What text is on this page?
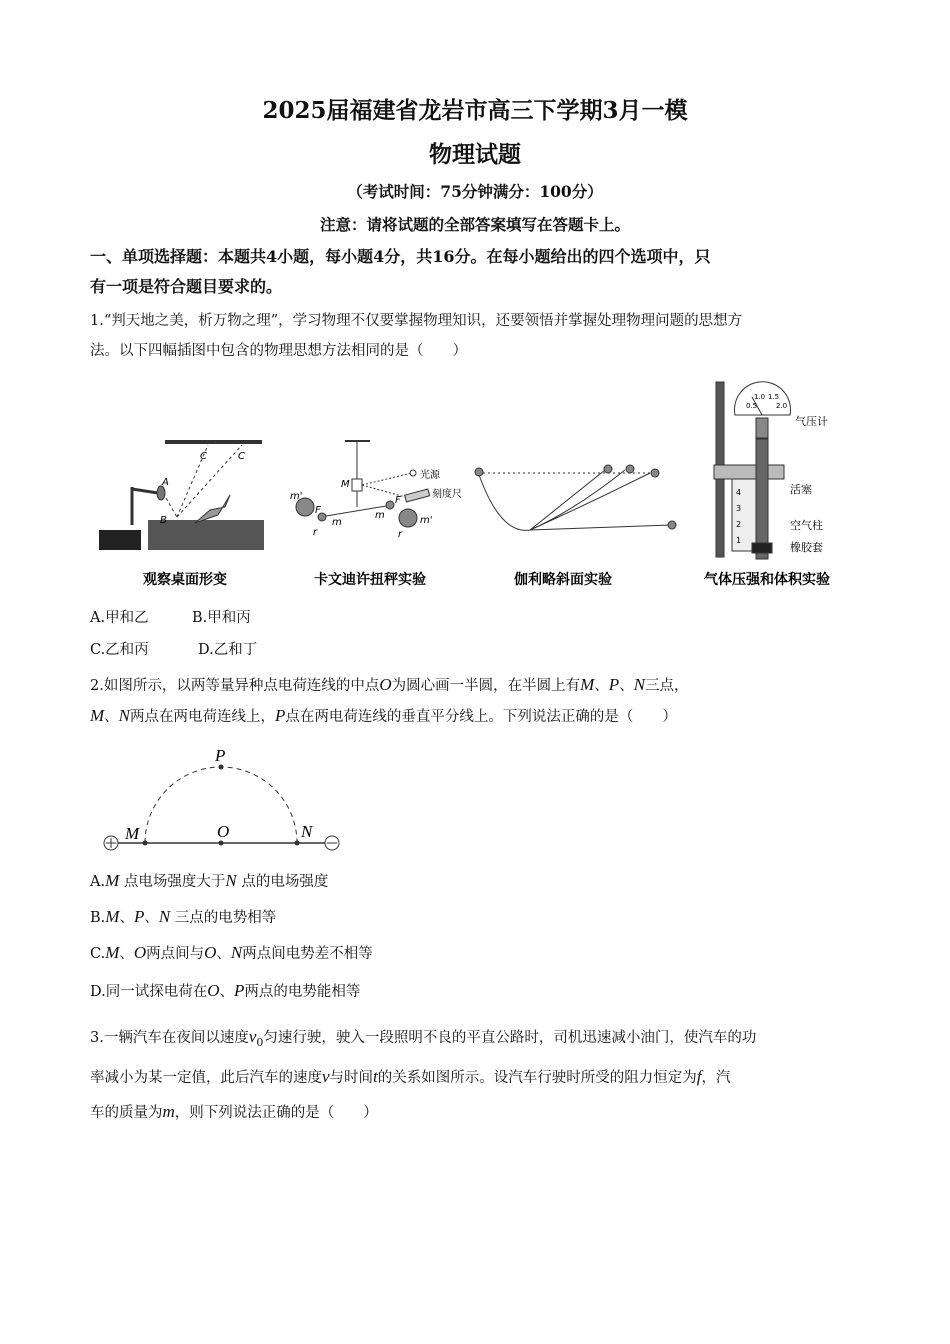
2025届福建省龙岩市高三下学期3月一模
物理试题
（考试时间：75分钟满分：100分）
注意：请将试题的全部答案填写在答题卡上。
一、单项选择题：本题共4小题，每小题4分，共16分。在每小题给出的四个选项中，只
有一项是符合题目要求的。
1.“判天地之美，析万物之理”，学习物理不仅要掌握物理知识，还要领悟并掌握处理物理问题的思想方
法。以下四幅插图中包含的物理思想方法相同的是（　　）
C	C
A
B
M
光源
刻度尺
m'
F
m
r
m
F
m'
r
0.5
1.0 1.5
2.0
4
3
2
1
气压计
活塞
空气柱
橡胶套
观察桌面形变	卡文迪许扭秤实验	伽利略斜面实验	气体压强和体积实验
A.甲和乙	B.甲和丙
C.乙和丙	D.乙和丁
2.如图所示，以两等量异种点电荷连线的中点O为圆心画一半圆，在半圆上有M、P、N三点，
M、N两点在两电荷连线上，P点在两电荷连线的垂直平分线上。下列说法正确的是（　　）
P
M	O	N
A.M 点电场强度大于N 点的电场强度
B.M、P、N 三点的电势相等
C.M、O两点间与O、N两点间电势差不相等
D.同一试探电荷在O、P两点的电势能相等
3.一辆汽车在夜间以速度$v_0$匀速行驶，驶入一段照明不良的平直公路时，司机迅速减小油门，使汽车的功
率减小为某一定值，此后汽车的速度v与时间t的关系如图所示。设汽车行驶时所受的阻力恒定为f，汽
车的质量为m，则下列说法正确的是（　　）
